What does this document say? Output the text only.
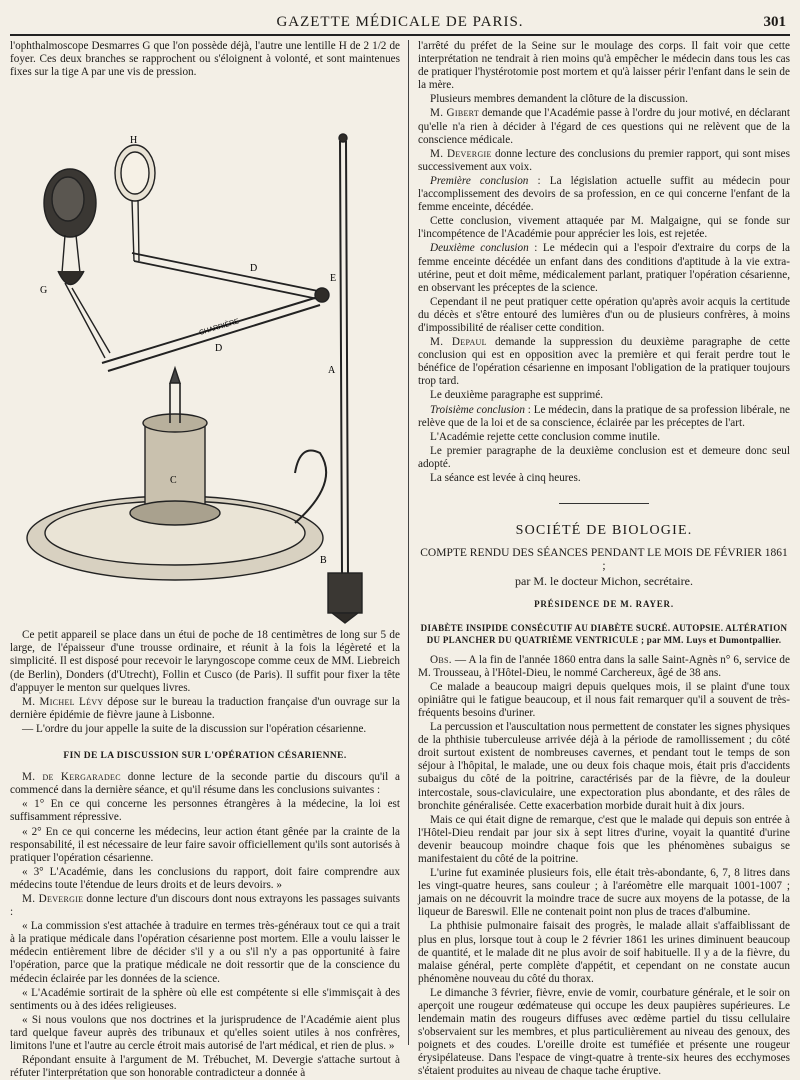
GAZETTE MÉDICALE DE PARIS.	301

l'ophthalmoscope Desmarres G que l'on possède déjà, l'autre une lentille H de 2 1/2 de foyer. Ces deux branches se rapprochent ou s'éloignent à volonté, et sont maintenues fixes sur la tige A par une vis de pression.

H
G
D
D
E
A
B
C
CHARRIÈRE

Ce petit appareil se place dans un étui de poche de 18 centimètres de long sur 5 de large, de l'épaisseur d'une trousse ordinaire, et réunit à la fois la légèreté et la simplicité. Il est disposé pour recevoir le laryngoscope comme ceux de MM. Liebreich (de Berlin), Donders (d'Utrecht), Follin et Cusco (de Paris). Il suffit pour fixer la tête d'appuyer le menton sur quelques livres.

M. Michel Lévy dépose sur le bureau la traduction française d'un ouvrage sur la dernière épidémie de fièvre jaune à Lisbonne.

— L'ordre du jour appelle la suite de la discussion sur l'opération césarienne.

FIN DE LA DISCUSSION SUR L'OPÉRATION CÉSARIENNE.

M. de Kergaradec donne lecture de la seconde partie du discours qu'il a commencé dans la dernière séance, et qu'il résume dans les conclusions suivantes :

« 1° En ce qui concerne les personnes étrangères à la médecine, la loi est suffisamment répressive.

« 2° En ce qui concerne les médecins, leur action étant gênée par la crainte de la responsabilité, il est nécessaire de leur faire savoir officiellement qu'ils sont autorisés à pratiquer l'opération césarienne.

« 3° L'Académie, dans les conclusions du rapport, doit faire comprendre aux médecins toute l'étendue de leurs droits et de leurs devoirs. »

M. Devergie donne lecture d'un discours dont nous extrayons les passages suivants :

« La commission s'est attachée à traduire en termes très-généraux tout ce qui a trait à la pratique médicale dans l'opération césarienne post mortem. Elle a voulu laisser le médecin entièrement libre de décider s'il y a ou s'il n'y a pas opportunité à faire l'opération, parce que la pratique médicale ne doit ressortir que de la conscience du médecin éclairée par les données de la science.

« L'Académie sortirait de la sphère où elle est compétente si elle s'immisçait à des sentiments ou à des idées religieuses.

« Si nous voulons que nos doctrines et la jurisprudence de l'Académie aient plus tard quelque faveur auprès des tribunaux et qu'elles soient utiles à nos confrères, limitons l'une et l'autre au cercle étroit mais autorisé de l'art médical, et rien de plus. »

Répondant ensuite à l'argument de M. Trébuchet, M. Devergie s'attache surtout à réfuter l'interprétation que son honorable contradicteur a donnée à

l'arrêté du préfet de la Seine sur le moulage des corps. Il fait voir que cette interprétation ne tendrait à rien moins qu'à empêcher le médecin dans tous les cas de pratiquer l'hystérotomie post mortem et qu'à laisser périr l'enfant dans le sein de la mère.

Plusieurs membres demandent la clôture de la discussion.

M. Gibert demande que l'Académie passe à l'ordre du jour motivé, en déclarant qu'elle n'a rien à décider à l'égard de ces questions qui ne relèvent que de la conscience médicale.

M. Devergie donne lecture des conclusions du premier rapport, qui sont mises successivement aux voix.

Première conclusion : La législation actuelle suffit au médecin pour l'accomplissement des devoirs de sa profession, en ce qui concerne l'enfant de la femme enceinte, décédée.

Cette conclusion, vivement attaquée par M. Malgaigne, qui se fonde sur l'incompétence de l'Académie pour apprécier les lois, est rejetée.

Deuxième conclusion : Le médecin qui a l'espoir d'extraire du corps de la femme enceinte décédée un enfant dans des conditions d'aptitude à la vie extra-utérine, peut et doit même, médicalement parlant, pratiquer l'opération césarienne, en observant les préceptes de la science.

Cependant il ne peut pratiquer cette opération qu'après avoir acquis la certitude du décès et s'être entouré des lumières d'un ou de plusieurs confrères, à moins d'impossibilité de réaliser cette condition.

M. Depaul demande la suppression du deuxième paragraphe de cette conclusion qui est en opposition avec la première et qui ferait perdre tout le bénéfice de l'opération césarienne en imposant l'obligation de la pratiquer toujours trop tard.

Le deuxième paragraphe est supprimé.

Troisième conclusion : Le médecin, dans la pratique de sa profession libérale, ne relève que de la loi et de sa conscience, éclairée par les préceptes de l'art.

L'Académie rejette cette conclusion comme inutile.

Le premier paragraphe de la deuxième conclusion est et demeure donc seul adopté.

La séance est levée à cinq heures.

SOCIÉTÉ DE BIOLOGIE.
COMPTE RENDU DES SÉANCES PENDANT LE MOIS DE FÉVRIER 1861 ;
par M. le docteur Michon, secrétaire.
PRÉSIDENCE DE M. RAYER.
DIABÈTE INSIPIDE CONSÉCUTIF AU DIABÈTE SUCRÉ. AUTOPSIE. ALTÉRATION DU PLANCHER DU QUATRIÈME VENTRICULE ; par MM. Luys et Dumontpallier.

Obs. — A la fin de l'année 1860 entra dans la salle Saint-Agnès n° 6, service de M. Trousseau, à l'Hôtel-Dieu, le nommé Carchereux, âgé de 38 ans.

Ce malade a beaucoup maigri depuis quelques mois, il se plaint d'une toux opiniâtre qui le fatigue beaucoup, et il nous fait remarquer qu'il a souvent de très-fréquents besoins d'uriner.

La percussion et l'auscultation nous permettent de constater les signes physiques de la phthisie tuberculeuse arrivée déjà à la période de ramollissement ; du côté droit surtout existent de nombreuses cavernes, et pendant tout le temps de son séjour à l'hôpital, le malade, une ou deux fois chaque mois, était pris d'accidents subaigus du côté de la poitrine, caractérisés par de la fièvre, de la douleur intercostale, sous-claviculaire, une expectoration plus abondante, et des râles de bronchite généralisée. Cette exacerbation morbide durait huit à dix jours.

Mais ce qui était digne de remarque, c'est que le malade qui depuis son entrée à l'Hôtel-Dieu rendait par jour six à sept litres d'urine, voyait la quantité d'urine devenir beaucoup moindre chaque fois que les phénomènes subaigus se manifestaient du côté de la poitrine.

L'urine fut examinée plusieurs fois, elle était très-abondante, 6, 7, 8 litres dans les vingt-quatre heures, sans couleur ; à l'aréomètre elle marquait 1001-1007 ; jamais on ne découvrit la moindre trace de sucre aux moyens de la potasse, de la liqueur de Bareswil. Elle ne contenait point non plus de traces d'albumine.

La phthisie pulmonaire faisait des progrès, le malade allait s'affaiblissant de plus en plus, lorsque tout à coup le 2 février 1861 les urines diminuent beaucoup de quantité, et le malade dit ne plus avoir de soif habituelle. Il y a de la fièvre, du malaise général, perte complète d'appétit, et cependant on ne constate aucun phénomène nouveau du côté du thorax.

Le dimanche 3 février, fièvre, envie de vomir, courbature générale, et le soir on aperçoit une rougeur œdémateuse qui occupe les deux paupières supérieures. Le lendemain matin des rougeurs diffuses avec œdème partiel du tissu cellulaire s'observaient sur les membres, et plus particulièrement au niveau des genoux, des poignets et des coudes. L'oreille droite est tuméfiée et présente une rougeur érysipélateuse. Dans l'espace de vingt-quatre à trente-six heures des ecchymoses s'étaient produites au niveau de chaque tache éruptive.
